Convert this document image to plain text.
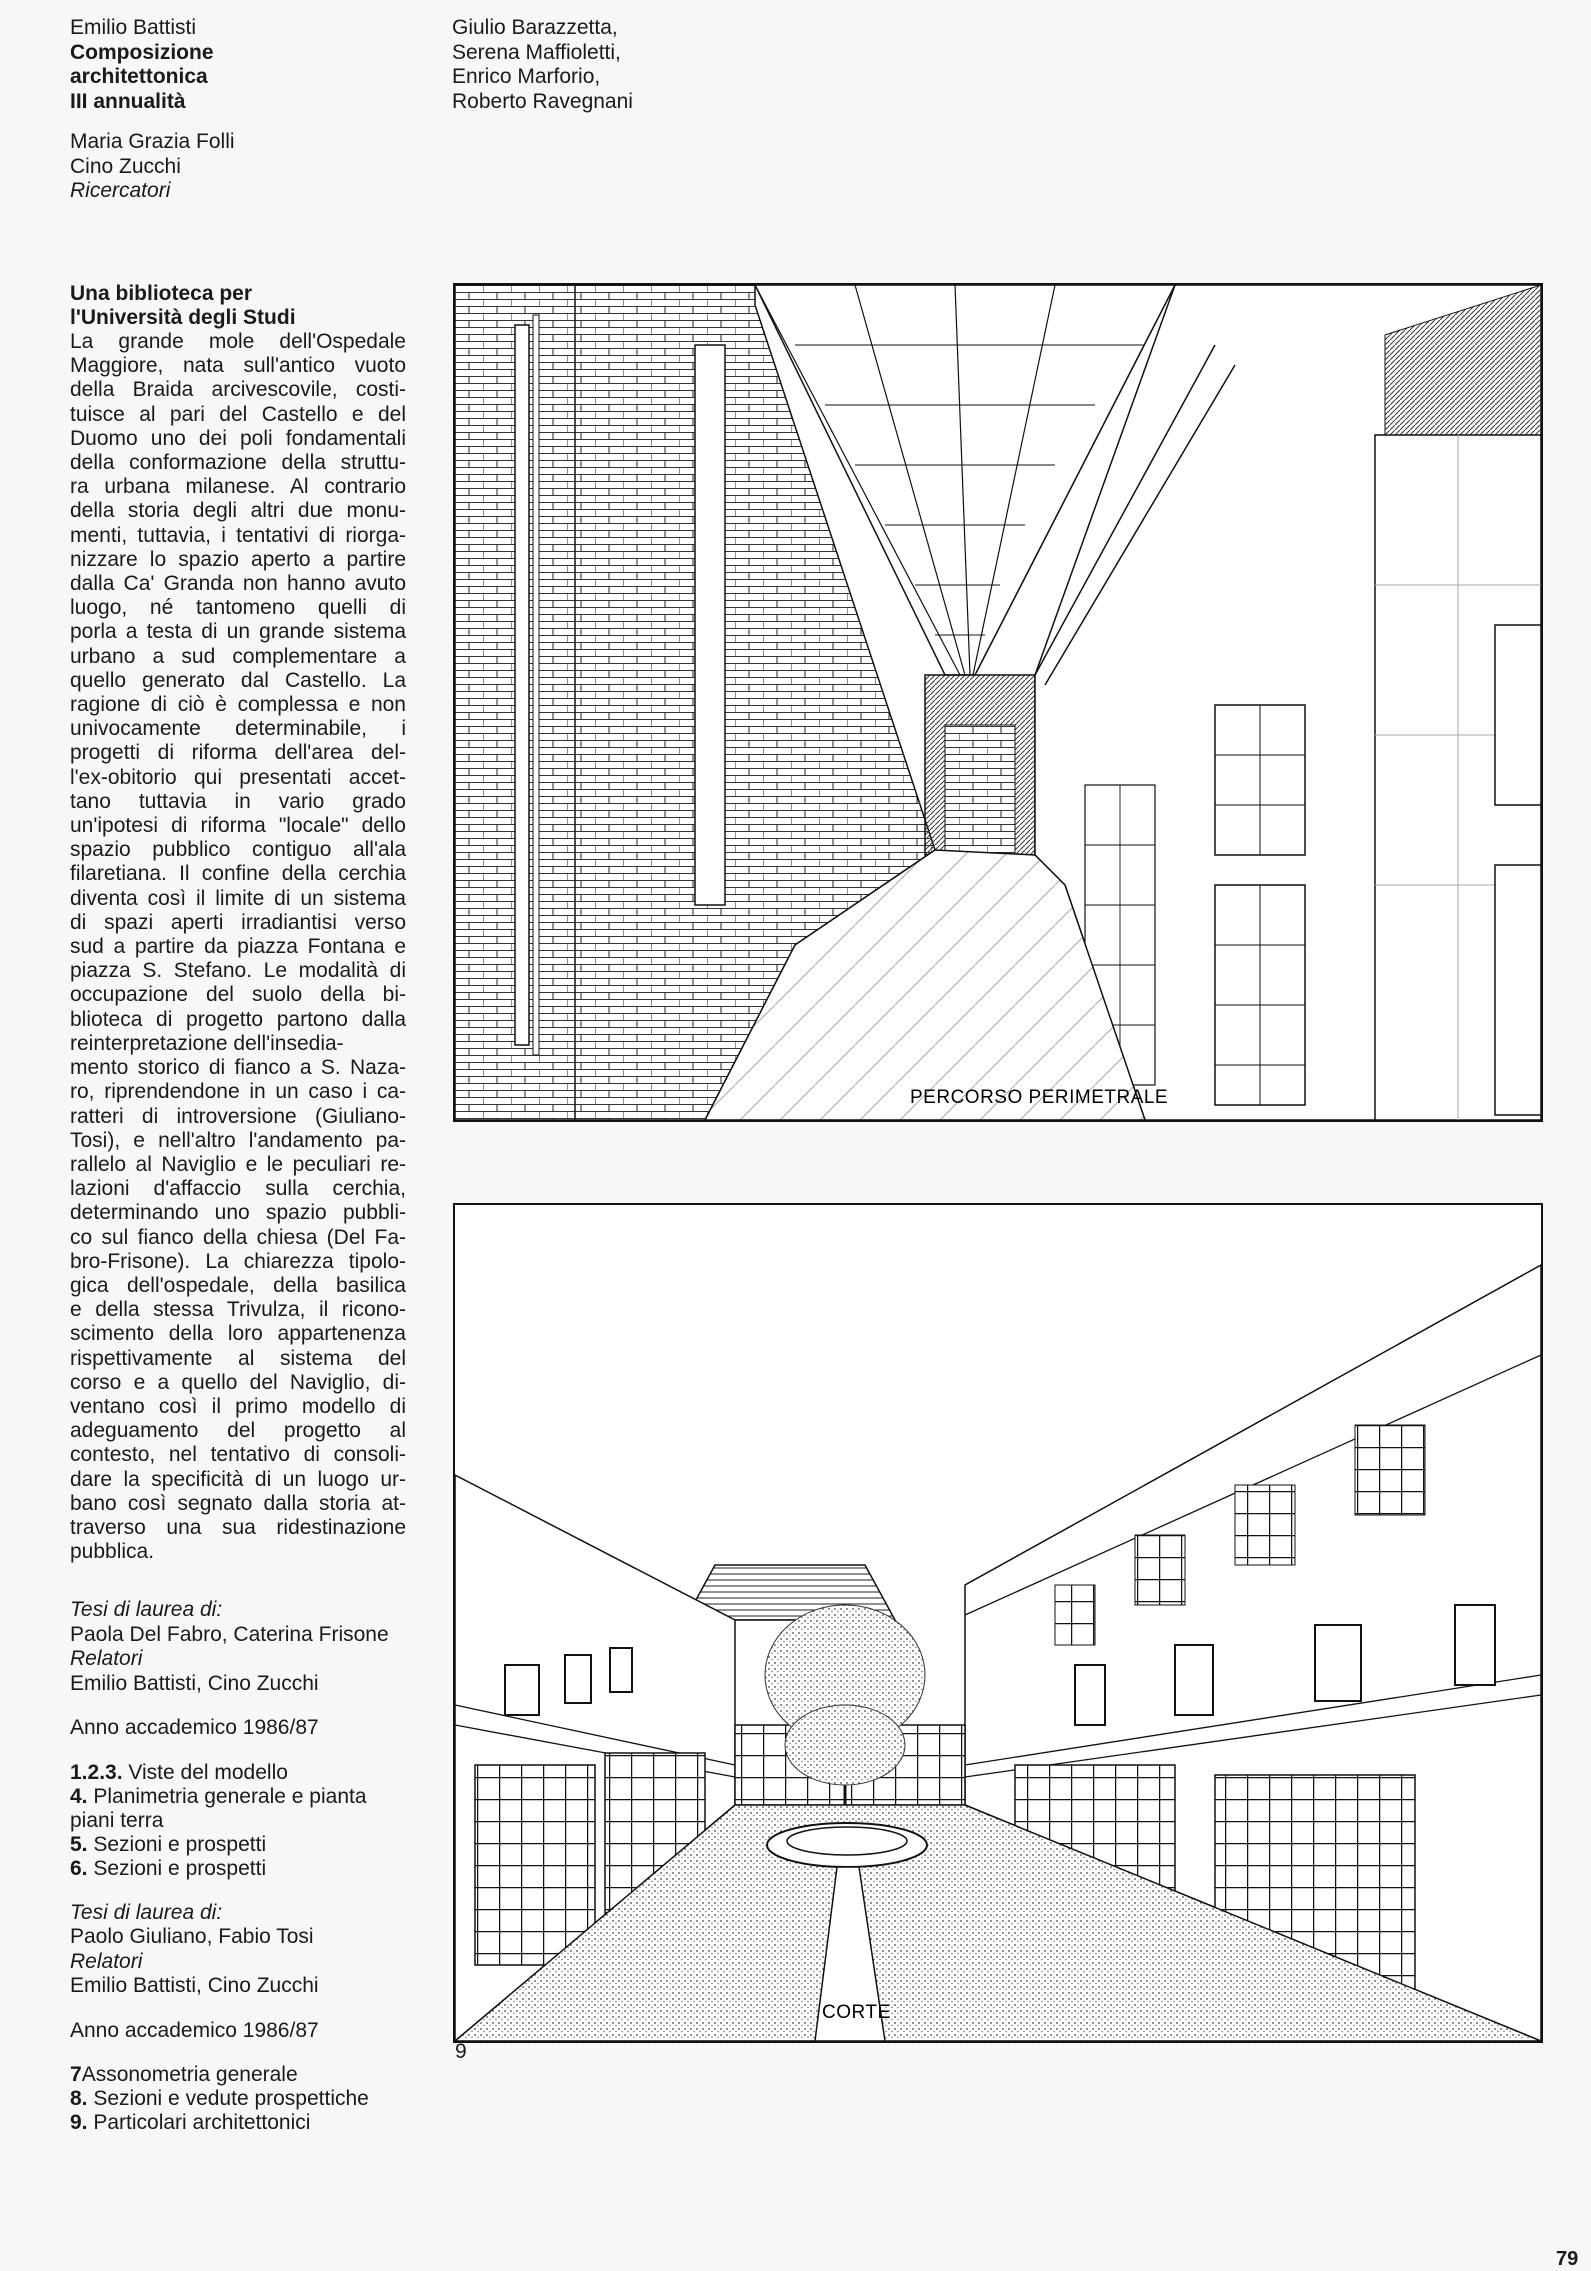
Emilio Battisti
Composizione
architettonica
III annualità
Maria Grazia Folli
Cino Zucchi
Ricercatori
Giulio Barazzetta,
Serena Maffioletti,
Enrico Marforio,
Roberto Ravegnani
Una biblioteca per
l'Università degli Studi
La grande mole dell'Ospedale
Maggiore, nata sull'antico vuoto
della Braida arcivescovile, costi-
tuisce al pari del Castello e del
Duomo uno dei poli fondamentali
della conformazione della struttu-
ra urbana milanese. Al contrario
della storia degli altri due monu-
menti, tuttavia, i tentativi di riorga-
nizzare lo spazio aperto a partire
dalla Ca' Granda non hanno avuto
luogo, né tantomeno quelli di
porla a testa di un grande sistema
urbano a sud complementare a
quello generato dal Castello. La
ragione di ciò è complessa e non
univocamente determinabile, i
progetti di riforma dell'area del-
l'ex-obitorio qui presentati accet-
tano tuttavia in vario grado
un'ipotesi di riforma "locale" dello
spazio pubblico contiguo all'ala
filaretiana. Il confine della cerchia
diventa così il limite di un sistema
di spazi aperti irradiantisi verso
sud a partire da piazza Fontana e
piazza S. Stefano. Le modalità di
occupazione del suolo della bi-
blioteca di progetto partono dalla
reinterpretazione dell'insedia-
mento storico di fianco a S. Naza-
ro, riprendendone in un caso i ca-
ratteri di introversione (Giuliano-
Tosi), e nell'altro l'andamento pa-
rallelo al Naviglio e le peculiari re-
lazioni d'affaccio sulla cerchia,
determinando uno spazio pubbli-
co sul fianco della chiesa (Del Fa-
bro-Frisone). La chiarezza tipolo-
gica dell'ospedale, della basilica
e della stessa Trivulza, il ricono-
scimento della loro appartenenza
rispettivamente al sistema del
corso e a quello del Naviglio, di-
ventano così il primo modello di
adeguamento del progetto al
contesto, nel tentativo di consoli-
dare la specificità di un luogo ur-
bano così segnato dalla storia at-
traverso una sua ridestinazione
pubblica.
Tesi di laurea di:
Paola Del Fabro, Caterina Frisone
Relatori
Emilio Battisti, Cino Zucchi
Anno accademico 1986/87
1.2.3. Viste del modello
4. Planimetria generale e pianta
piani terra
5. Sezioni e prospetti
6. Sezioni e prospetti
Tesi di laurea di:
Paolo Giuliano, Fabio Tosi
Relatori
Emilio Battisti, Cino Zucchi
Anno accademico 1986/87
7Assonometria generale
8. Sezioni e vedute prospettiche
9. Particolari architettonici
PERCORSO PERIMETRALE
CORTE
9
79
